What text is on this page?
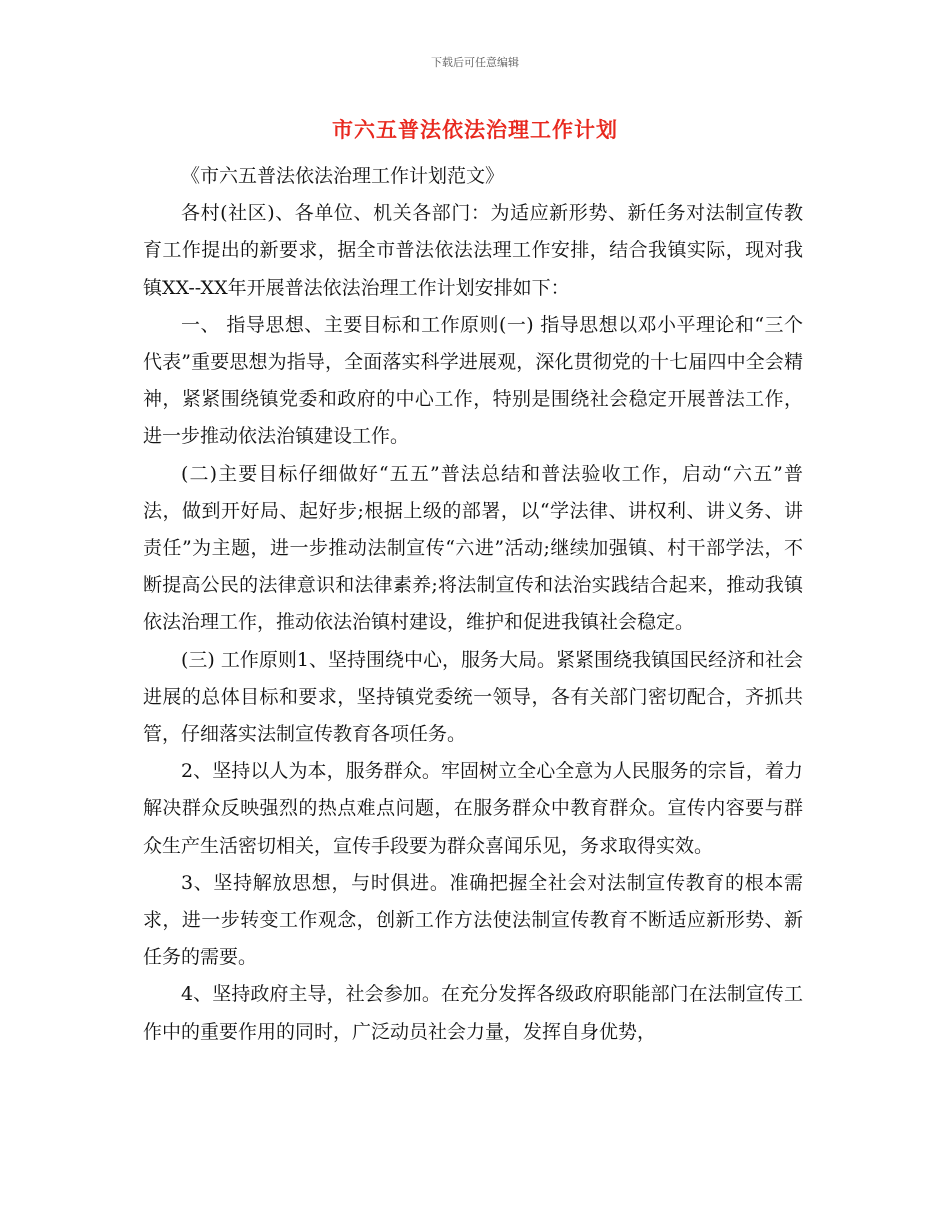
下载后可任意编辑
市六五普法依法治理工作计划

《市六五普法依法治理工作计划范文》

各村(社区)、各单位、机关各部门：为适应新形势、新任务对法制宣传教育工作提出的新要求，据全市普法依法法理工作安排，结合我镇实际，现对我镇XX--XX年开展普法依法治理工作计划安排如下：

一、 指导思想、主要目标和工作原则(一) 指导思想以邓小平理论和“三个代表”重要思想为指导，全面落实科学进展观，深化贯彻党的十七届四中全会精神，紧紧围绕镇党委和政府的中心工作，特别是围绕社会稳定开展普法工作，进一步推动依法治镇建设工作。

(二)主要目标仔细做好“五五”普法总结和普法验收工作，启动“六五”普法，做到开好局、起好步;根据上级的部署，以“学法律、讲权利、讲义务、讲责任”为主题，进一步推动法制宣传“六进”活动;继续加强镇、村干部学法，不断提高公民的法律意识和法律素养;将法制宣传和法治实践结合起来，推动我镇依法治理工作，推动依法治镇村建设，维护和促进我镇社会稳定。

(三) 工作原则1、坚持围绕中心，服务大局。紧紧围绕我镇国民经济和社会进展的总体目标和要求，坚持镇党委统一领导，各有关部门密切配合，齐抓共管，仔细落实法制宣传教育各项任务。

2、坚持以人为本，服务群众。牢固树立全心全意为人民服务的宗旨，着力解决群众反映强烈的热点难点问题，在服务群众中教育群众。宣传内容要与群众生产生活密切相关，宣传手段要为群众喜闻乐见，务求取得实效。

3、坚持解放思想，与时俱进。准确把握全社会对法制宣传教育的根本需求，进一步转变工作观念，创新工作方法使法制宣传教育不断适应新形势、新任务的需要。

4、坚持政府主导，社会参加。在充分发挥各级政府职能部门在法制宣传工作中的重要作用的同时，广泛动员社会力量，发挥自身优势，
